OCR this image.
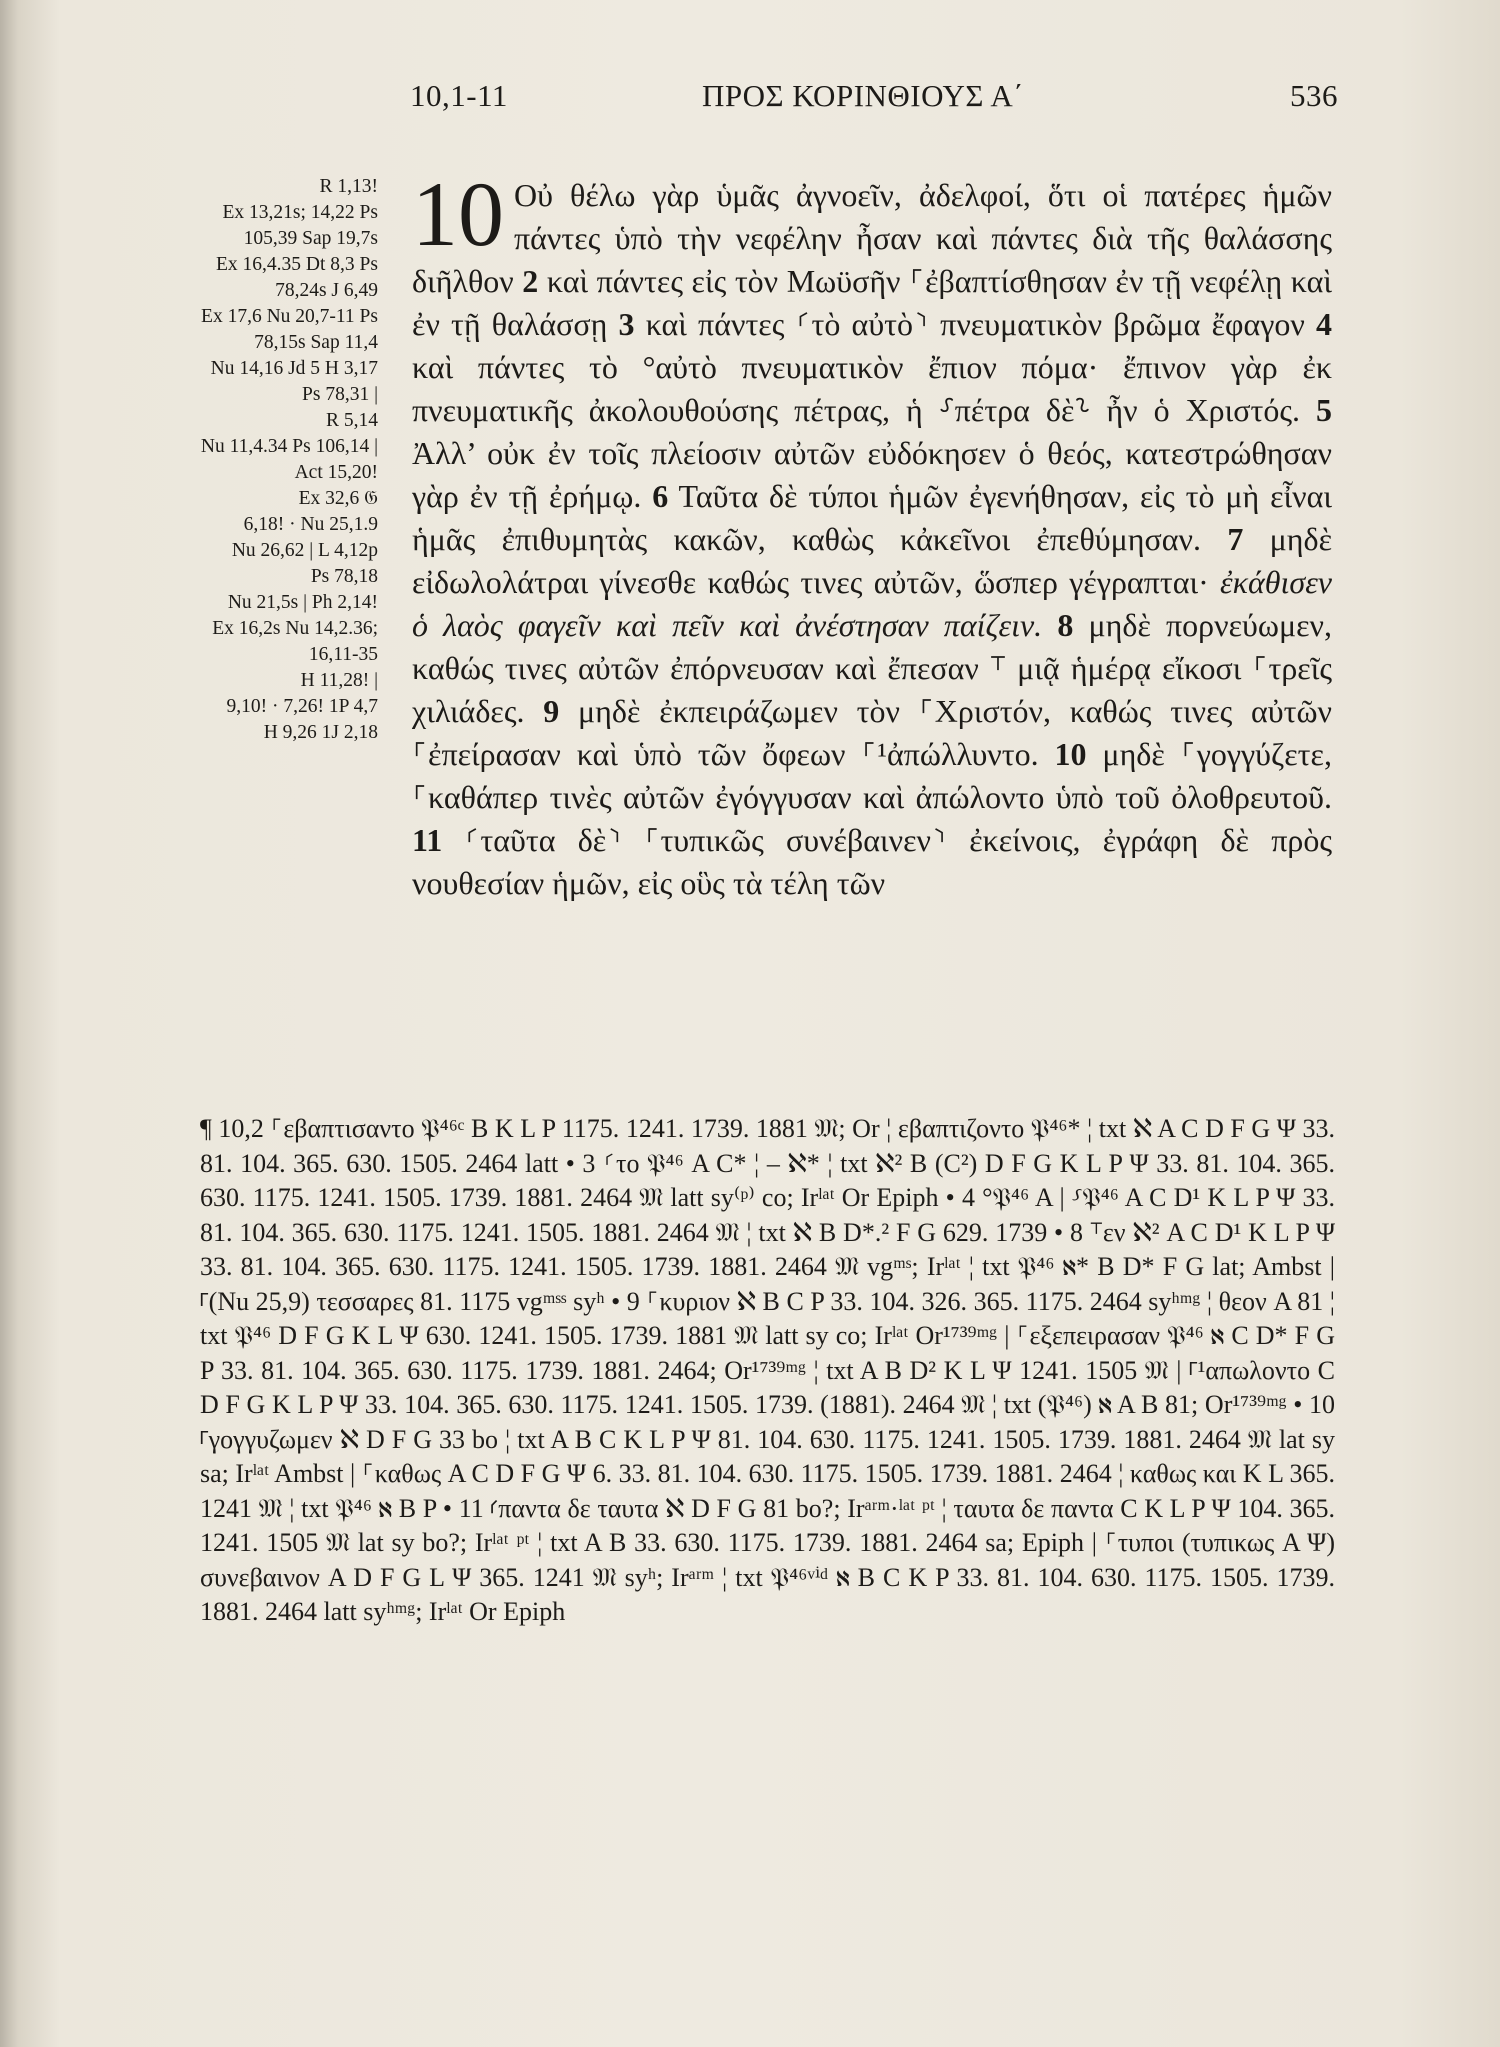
10,1-11	ΠΡΟΣ ΚΟΡΙΝΘΙΟΥΣ Α΄	536
R 1,13!
Ex 13,21s; 14,22 Ps
105,39 Sap 19,7s
Ex 16,4.35 Dt 8,3 Ps
78,24s J 6,49
Ex 17,6 Nu 20,7-11 Ps
78,15s Sap 11,4
Nu 14,16 Jd 5 H 3,17
Ps 78,31 |
R 5,14
Nu 11,4.34 Ps 106,14 |
Act 15,20!
Ex 32,6 𝔊
6,18! · Nu 25,1.9
Nu 26,62 | L 4,12p
Ps 78,18
Nu 21,5s | Ph 2,14!
Ex 16,2s Nu 14,2.36;
16,11-35
H 11,28! |
9,10! · 7,26! 1P 4,7
H 9,26 1J 2,18
10 Οὐ θέλω γὰρ ὑμᾶς ἀγνοεῖν, ἀδελφοί, ὅτι οἱ πατέρες ἡμῶν πάντες ὑπὸ τὴν νεφέλην ἦσαν καὶ πάντες διὰ τῆς θαλάσσης διῆλθον 2 καὶ πάντες εἰς τὸν Μωϋσῆν ⸀ἐβαπτίσθησαν ἐν τῇ νεφέλῃ καὶ ἐν τῇ θαλάσσῃ 3 καὶ πάντες ⸂τὸ αὐτὸ⸃ πνευματικὸν βρῶμα ἔφαγον 4 καὶ πάντες τὸ °αὐτὸ πνευματικὸν ἔπιον πόμα· ἔπινον γὰρ ἐκ πνευματικῆς ἀκολουθούσης πέτρας, ἡ ⸉πέτρα δὲ⸊ ἦν ὁ Χριστός. 5 Ἀλλ’ οὐκ ἐν τοῖς πλείοσιν αὐτῶν εὐδόκησεν ὁ θεός, κατεστρώθησαν γὰρ ἐν τῇ ἐρήμῳ. 6 Ταῦτα δὲ τύποι ἡμῶν ἐγενήθησαν, εἰς τὸ μὴ εἶναι ἡμᾶς ἐπιθυμητὰς κακῶν, καθὼς κἀκεῖνοι ἐπεθύμησαν. 7 μηδὲ εἰδωλολάτραι γίνεσθε καθώς τινες αὐτῶν, ὥσπερ γέγραπται· ἐκάθισεν ὁ λαὸς φαγεῖν καὶ πεῖν καὶ ἀνέστησαν παίζειν. 8 μηδὲ πορνεύωμεν, καθώς τινες αὐτῶν ἐπόρνευσαν καὶ ἔπεσαν ⸆ μιᾷ ἡμέρᾳ εἴκοσι ⸀τρεῖς χιλιάδες. 9 μηδὲ ἐκπειράζωμεν τὸν ⸀Χριστόν, καθώς τινες αὐτῶν ⸀ἐπείρασαν καὶ ὑπὸ τῶν ὄφεων ⸀¹ἀπώλλυντο. 10 μηδὲ ⸀γογγύζετε, ⸀καθάπερ τινὲς αὐτῶν ἐγόγγυσαν καὶ ἀπώλοντο ὑπὸ τοῦ ὀλοθρευτοῦ. 11 ⸂ταῦτα δὲ⸃ ⸀τυπικῶς συνέβαινεν⸃ ἐκείνοις, ἐγράφη δὲ πρὸς νουθεσίαν ἡμῶν, εἰς οὓς τὰ τέλη τῶν

¶ 10,2 ⸀εβαπτισαντο 𝔓⁴⁶ᶜ B K L P 1175. 1241. 1739. 1881 𝔐; Or ¦ εβαπτιζοντο 𝔓⁴⁶* ¦ txt ℵ A C D F G Ψ 33. 81. 104. 365. 630. 1505. 2464 latt • 3 ⸂το 𝔓⁴⁶ A C* ¦ – ℵ* ¦ txt ℵ² B (C²) D F G K L P Ψ 33. 81. 104. 365. 630. 1175. 1241. 1505. 1739. 1881. 2464 𝔐 latt sy⁽ᵖ⁾ co; Irˡᵃᵗ Or Epiph • 4 °𝔓⁴⁶ A | ⸉𝔓⁴⁶ A C D¹ K L P Ψ 33. 81. 104. 365. 630. 1175. 1241. 1505. 1881. 2464 𝔐 ¦ txt ℵ B D*.² F G 629. 1739 • 8 ⸆εν ℵ² A C D¹ K L P Ψ 33. 81. 104. 365. 630. 1175. 1241. 1505. 1739. 1881. 2464 𝔐 vgᵐˢ; Irˡᵃᵗ ¦ txt 𝔓⁴⁶ ℵ* B D* F G lat; Ambst | ⸀(Nu 25,9) τεσσαρες 81. 1175 vgᵐˢˢ syʰ • 9 ⸀κυριον ℵ B C P 33. 104. 326. 365. 1175. 2464 syʰᵐᵍ ¦ θεον A 81 ¦ txt 𝔓⁴⁶ D F G K L Ψ 630. 1241. 1505. 1739. 1881 𝔐 latt sy co; Irˡᵃᵗ Or¹⁷³⁹ᵐᵍ | ⸀εξεπειρασαν 𝔓⁴⁶ ℵ C D* F G P 33. 81. 104. 365. 630. 1175. 1739. 1881. 2464; Or¹⁷³⁹ᵐᵍ ¦ txt A B D² K L Ψ 1241. 1505 𝔐 | ⸀¹απωλοντο C D F G K L P Ψ 33. 104. 365. 630. 1175. 1241. 1505. 1739. (1881). 2464 𝔐 ¦ txt (𝔓⁴⁶) ℵ A B 81; Or¹⁷³⁹ᵐᵍ • 10 ⸀γογγυζωμεν ℵ D F G 33 bo ¦ txt A B C K L P Ψ 81. 104. 630. 1175. 1241. 1505. 1739. 1881. 2464 𝔐 lat sy sa; Irˡᵃᵗ Ambst | ⸀καθως A C D F G Ψ 6. 33. 81. 104. 630. 1175. 1505. 1739. 1881. 2464 ¦ καθως και K L 365. 1241 𝔐 ¦ txt 𝔓⁴⁶ ℵ B P • 11 ⸂παντα δε ταυτα ℵ D F G 81 bo?; Irᵃʳᵐ·ˡᵃᵗ ᵖᵗ ¦ ταυτα δε παντα C K L P Ψ 104. 365. 1241. 1505 𝔐 lat sy bo?; Irˡᵃᵗ ᵖᵗ ¦ txt A B 33. 630. 1175. 1739. 1881. 2464 sa; Epiph | ⸀τυποι (τυπικως A Ψ) συνεβαινον A D F G L Ψ 365. 1241 𝔐 syʰ; Irᵃʳᵐ ¦ txt 𝔓⁴⁶ᵛⁱᵈ ℵ B C K P 33. 81. 104. 630. 1175. 1505. 1739. 1881. 2464 latt syʰᵐᵍ; Irˡᵃᵗ Or Epiph
